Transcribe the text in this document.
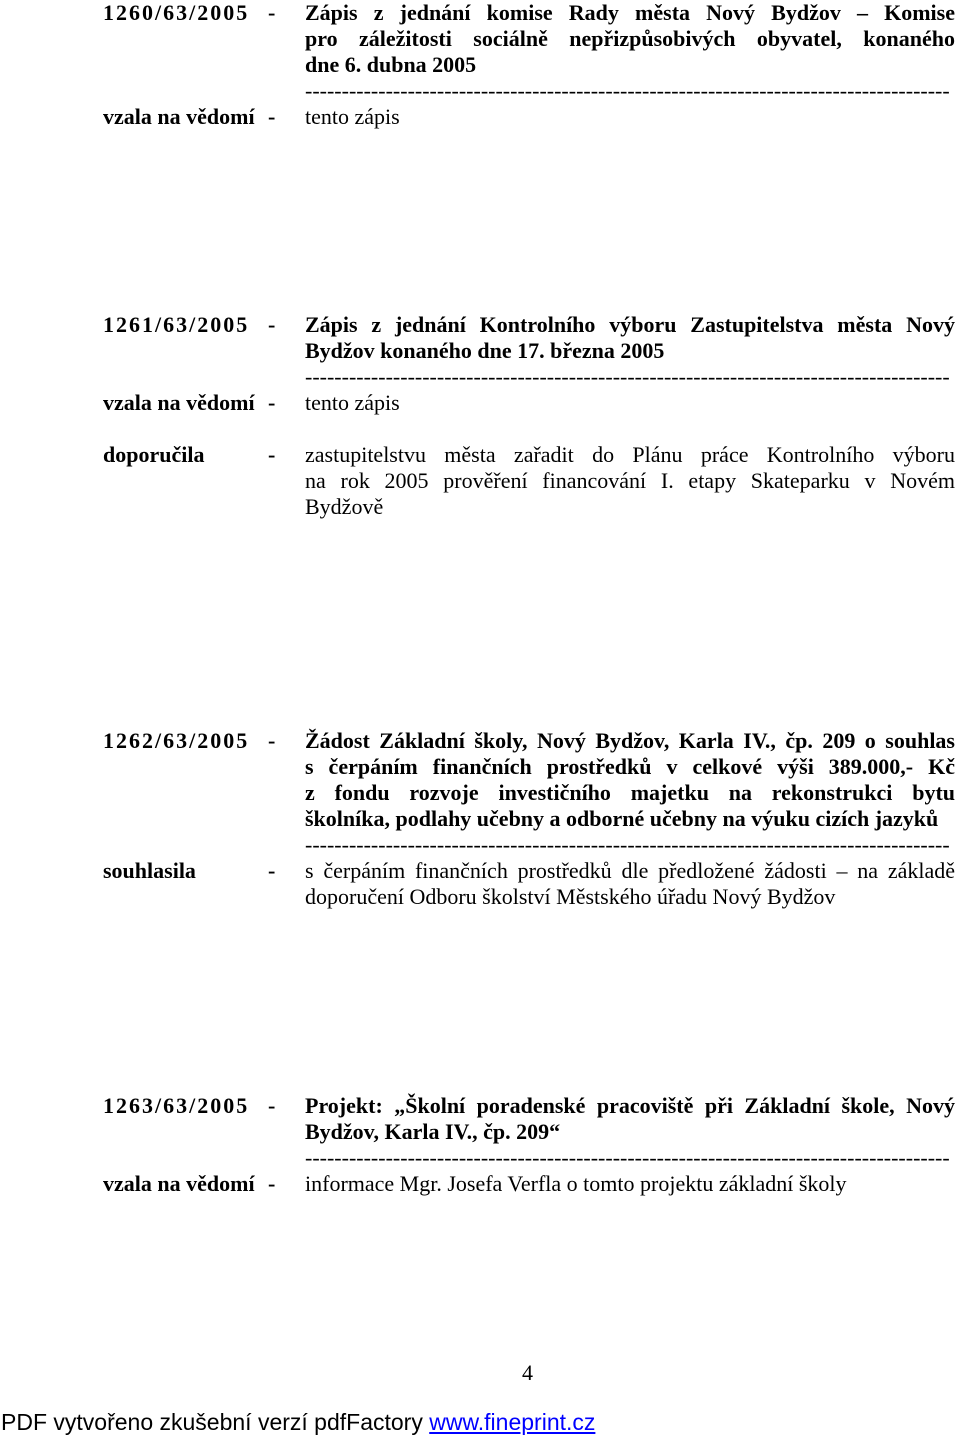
1260/63/2005 -	Zápis z jednání komise Rady města Nový Bydžov – Komise
pro záležitosti sociálně nepřizpůsobivých obyvatel, konaného
dne 6. dubna 2005
----------------------------------------------------------------------------------------
vzala na vědomí -	tento zápis
1261/63/2005 -	Zápis z jednání Kontrolního výboru Zastupitelstva města Nový
Bydžov konaného dne 17. března 2005
----------------------------------------------------------------------------------------
vzala na vědomí -	tento zápis
doporučila	-	zastupitelstvu města zařadit do Plánu práce Kontrolního výboru
na rok 2005 prověření financování I. etapy Skateparku v Novém
Bydžově
1262/63/2005 -	Žádost Základní školy, Nový Bydžov, Karla IV., čp. 209 o souhlas
s čerpáním finančních prostředků v celkové výši 389.000,- Kč
z fondu rozvoje investičního majetku na rekonstrukci bytu
školníka, podlahy učebny a odborné učebny na výuku cizích jazyků
----------------------------------------------------------------------------------------
souhlasila	-	s čerpáním finančních prostředků dle předložené žádosti – na základě
doporučení Odboru školství Městského úřadu Nový Bydžov
1263/63/2005 -	Projekt: „Školní poradenské pracoviště při Základní škole, Nový
Bydžov, Karla IV., čp. 209“
----------------------------------------------------------------------------------------
vzala na vědomí -	informace Mgr. Josefa Verfla o tomto projektu základní školy
4
PDF vytvořeno zkušební verzí pdfFactory www.fineprint.cz
